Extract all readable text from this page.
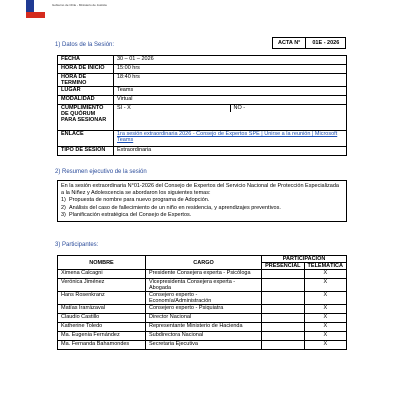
Gobierno de Chile - Ministerio de Justicia
ACTA N°	01E - 2026
1) Datos de la Sesión:
FECHA	30 – 01 – 2026
HORA DE INICIO	15:00 hrs
HORA DE TERMINO	18:40 hrs
LUGAR	Teams
MODALIDAD	Virtual
CUMPLIMIENTO DE QUÓRUM PARA SESIONAR	SI - X NO -

ENLACE	1ra sesión extraordinaria 2026 - Consejo de Expertos SPE | Unirse a la reunión | Microsoft Teams
TIPO DE SESIÓN	Extraordinaria
2) Resumen ejecutivo de la sesión
En la sesión extraordinaria N°01-2026 del Consejo de Expertos del Servicio Nacional de Protección Especializada a la Niñez y Adolescencia se abordaron los siguientes temas:
1) Propuesta de nombre para nuevo programa de Adopción.
2) Análisis del caso de fallecimiento de un niño en residencia, y aprendizajes preventivos.
3) Planificación estratégica del Consejo de Expertos.
3) Participantes:
NOMBRE	CARGO	PARTICIPACIÓN	
		PRESENCIAL	TELEMÁTICA
Ximena Calcagni	Presidente Consejera experta - Psicóloga		X
Verónica Jiménez	Vicepresidenta Consejera experta - Abogada		X
Hans Rosenkranz	Consejero experto - Economía/Administración		X
Matías Irarrázaval	Consejero experto - Psiquiatra		X
Claudio Castillo	Director Nacional		X
Katherine Toledo	Representante Ministerio de Hacienda		X
Ma. Eugenia Fernández	Subdirectora Nacional		X
Ma. Fernanda Bahamondes	Secretaria Ejecutiva		X
